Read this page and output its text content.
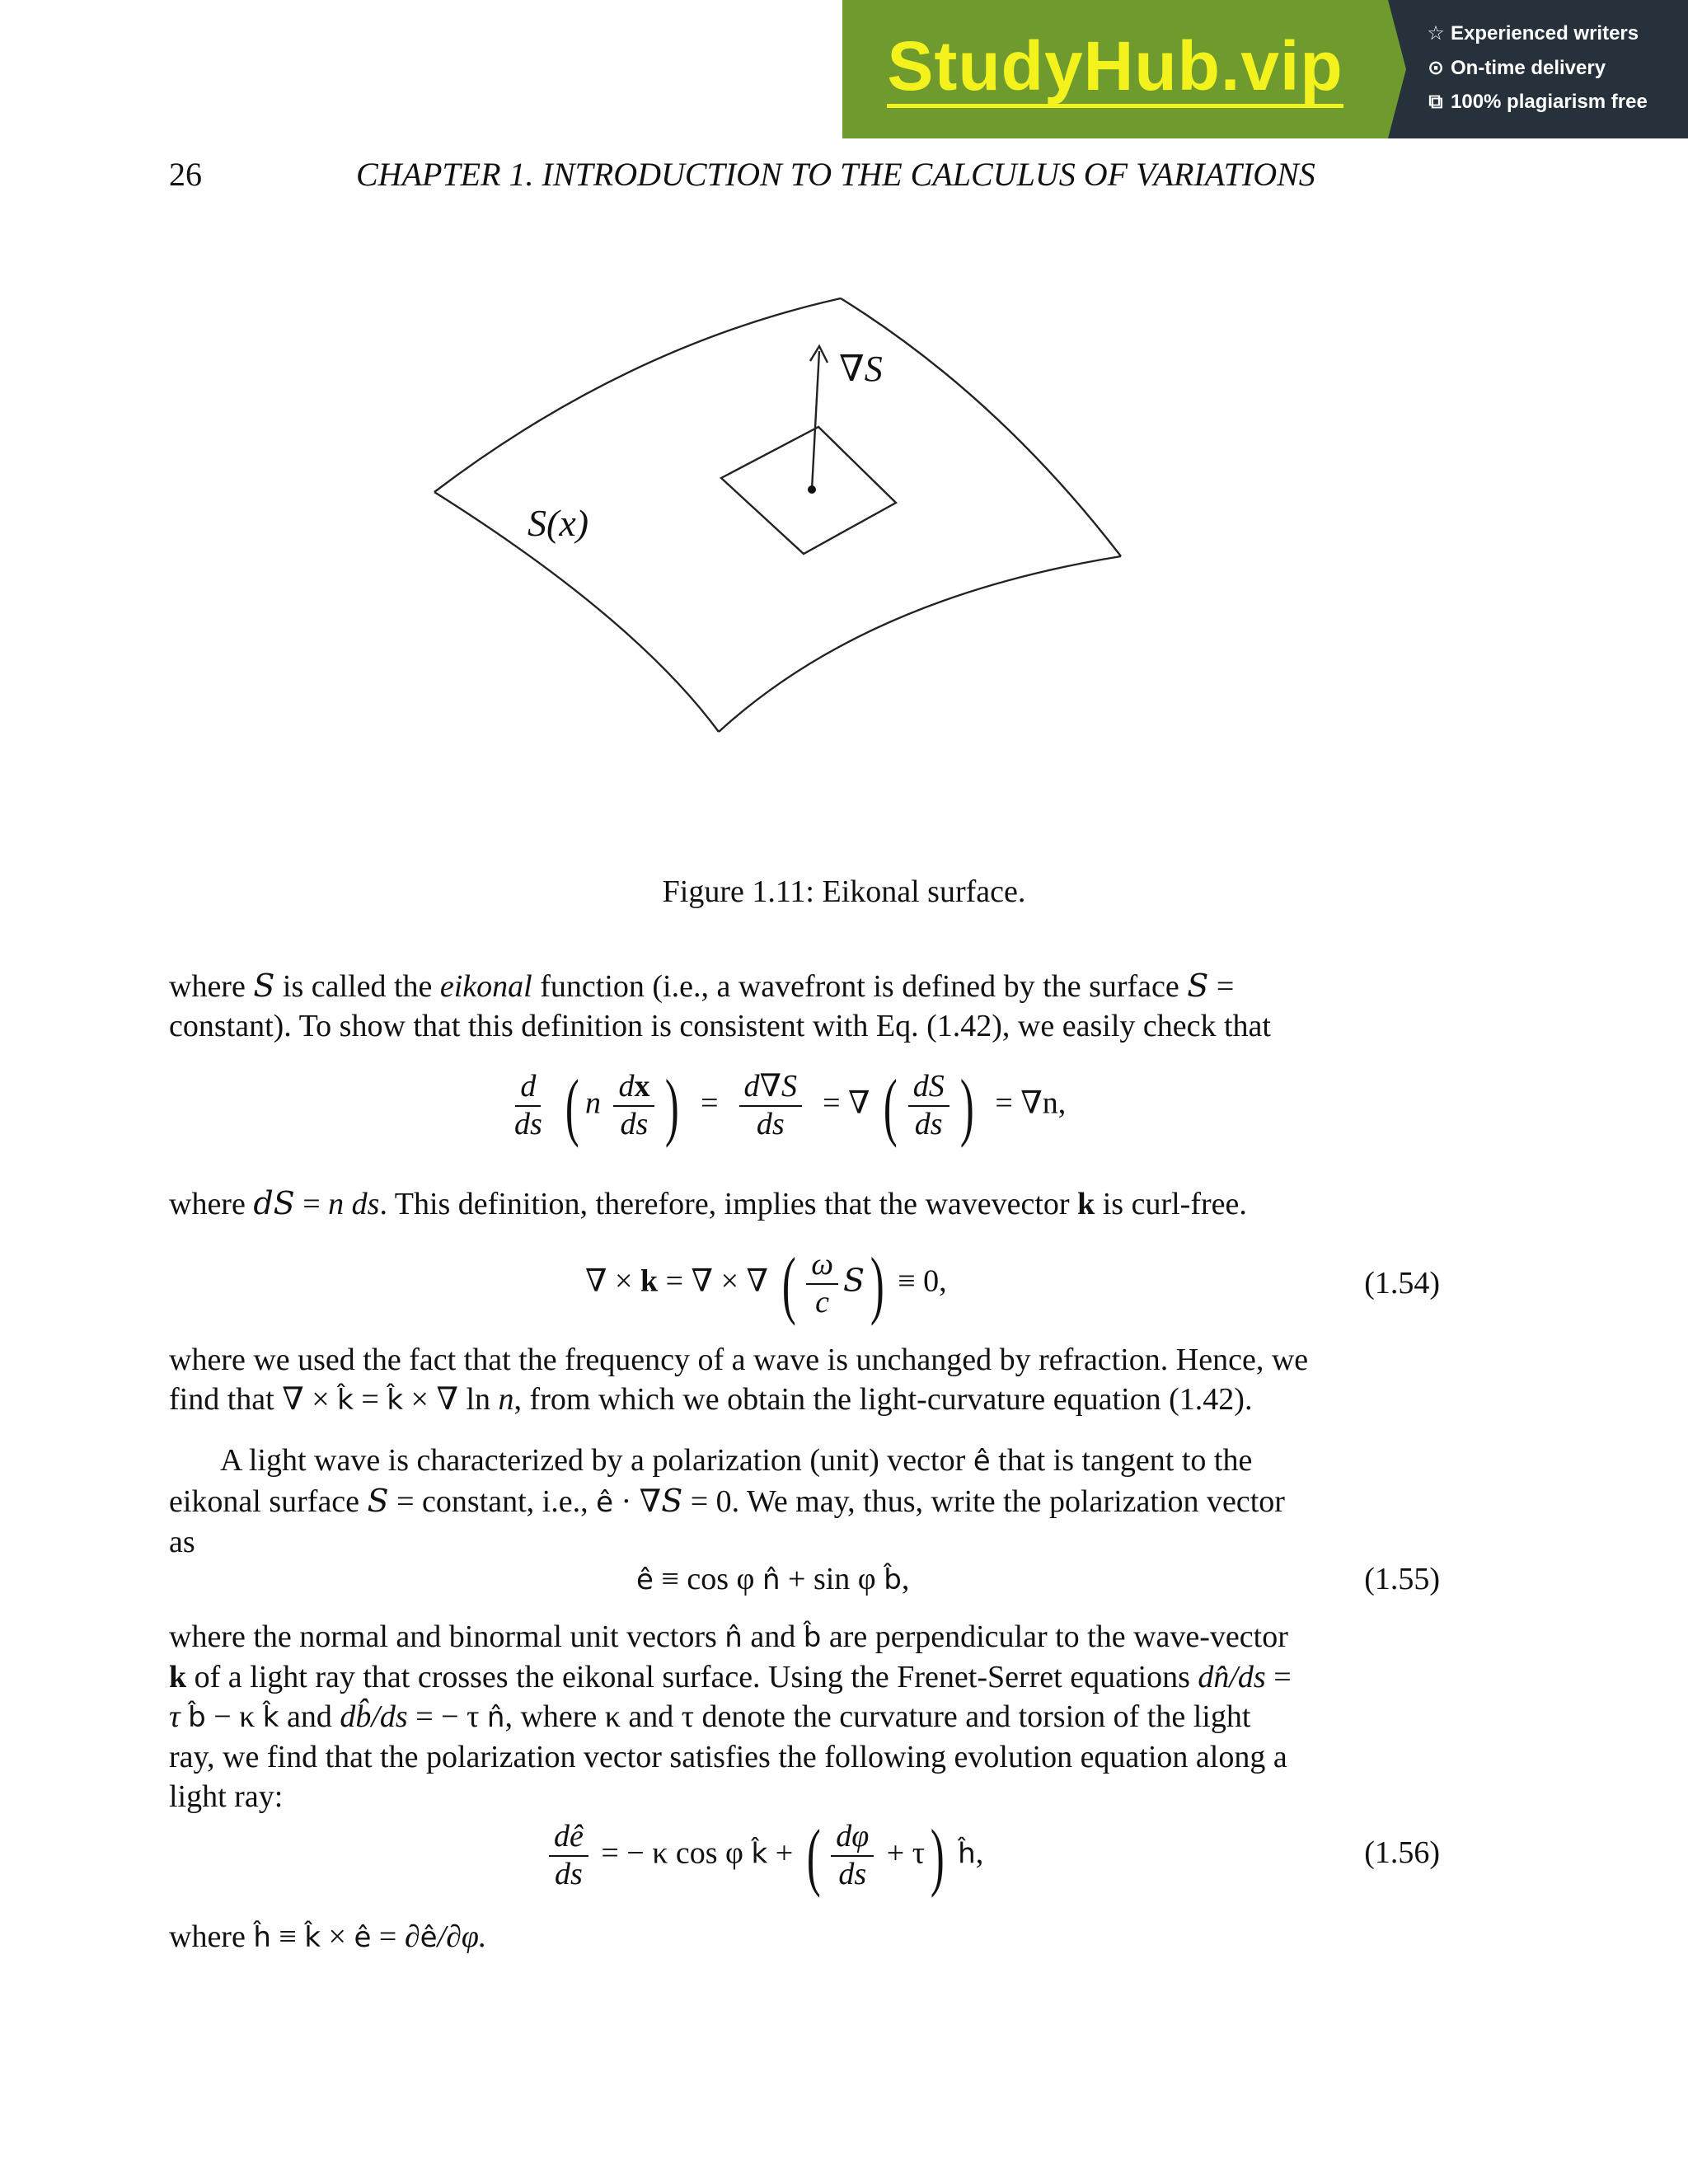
StudyHub.vip	☆ Experienced writers
⊙ On-time delivery
⧉ 100% plagiarism free
26	CHAPTER 1. INTRODUCTION TO THE CALCULUS OF VARIATIONS
∇S
S(x)
Figure 1.11: Eikonal surface.
where S is called the eikonal function (i.e., a wavefront is defined by the surface S =
constant). To show that this definition is consistent with Eq. (1.42), we easily check that
$\frac{d}{ds}$ ( n $\frac{dx}{ds}$ ) = $\frac{d\nabla S}{ds}$ = ∇ ( $\frac{dS}{ds}$ ) = ∇n,
where dS = n ds. This definition, therefore, implies that the wavevector k is curl-free.
∇ × k = ∇ × ∇ ( $\frac{\omega}{c} S) \equiv 0$,	(1.54)
where we used the fact that the frequency of a wave is unchanged by refraction. Hence, we
find that ∇ × k̂ = k̂ × ∇ ln n, from which we obtain the light-curvature equation (1.42).
A light wave is characterized by a polarization (unit) vector ê that is tangent to the
eikonal surface S = constant, i.e., ê · ∇S = 0. We may, thus, write the polarization vector
as
ê ≡ cos φ n̂ + sin φ b̂,	(1.55)
where the normal and binormal unit vectors n̂ and b̂ are perpendicular to the wave-vector
k of a light ray that crosses the eikonal surface. Using the Frenet-Serret equations dn̂/ds =
τ b̂ − κ k̂ and db̂/ds = − τ n̂, where κ and τ denote the curvature and torsion of the light
ray, we find that the polarization vector satisfies the following evolution equation along a
light ray:
$\frac{dê}{ds}$ = − κ cos φ k̂ + ( $\frac{d\varphi}{ds} + \tau$) ĥ,	(1.56)
where ĥ ≡ k̂ × ê = ∂ê/∂φ.
